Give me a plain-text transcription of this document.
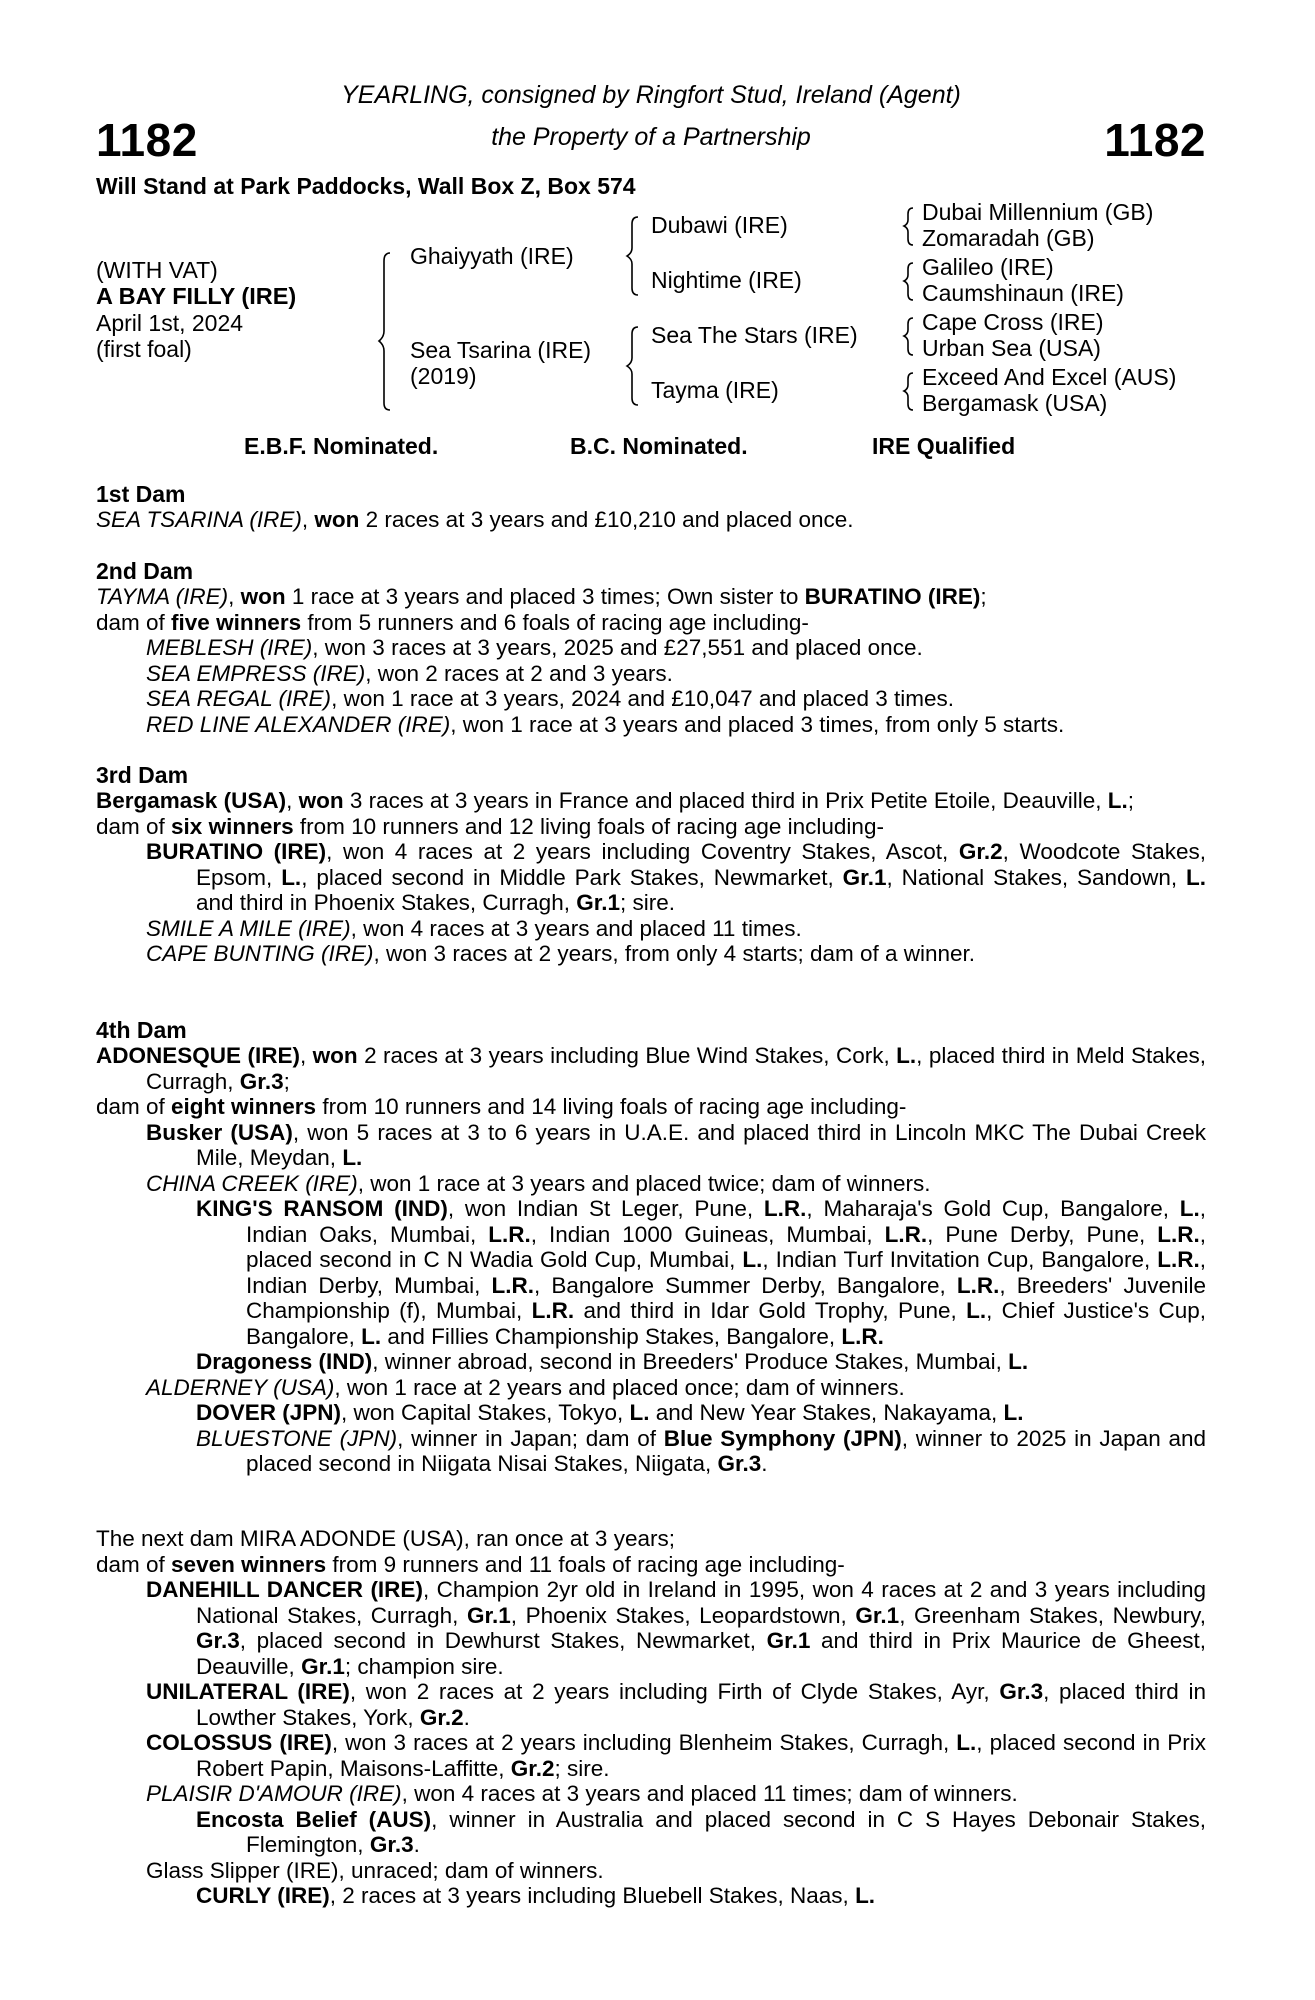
1182	1182
YEARLING, consigned by Ringfort Stud, Ireland (Agent)
the Property of a Partnership
Will Stand at Park Paddocks, Wall Box Z, Box 574
(WITH VAT)
A BAY FILLY (IRE)
April 1st, 2024
(first foal)
Ghaiyyath (IRE)
Sea Tsarina (IRE)
(2019)
Dubawi (IRE)
Nightime (IRE)
Sea The Stars (IRE)
Tayma (IRE)
Dubai Millennium (GB)
Zomaradah (GB)
Galileo (IRE)
Caumshinaun (IRE)
Cape Cross (IRE)
Urban Sea (USA)
Exceed And Excel (AUS)
Bergamask (USA)
E.B.F. Nominated.	B.C. Nominated.	IRE Qualified
1st Dam
SEA TSARINA (IRE), won 2 races at 3 years and £10,210 and placed once.
2nd Dam
TAYMA (IRE), won 1 race at 3 years and placed 3 times; Own sister to BURATINO (IRE);
dam of five winners from 5 runners and 6 foals of racing age including-
MEBLESH (IRE), won 3 races at 3 years, 2025 and £27,551 and placed once.
SEA EMPRESS (IRE), won 2 races at 2 and 3 years.
SEA REGAL (IRE), won 1 race at 3 years, 2024 and £10,047 and placed 3 times.
RED LINE ALEXANDER (IRE), won 1 race at 3 years and placed 3 times, from only 5 starts.
3rd Dam
Bergamask (USA), won 3 races at 3 years in France and placed third in Prix Petite Etoile, Deauville, L.;
dam of six winners from 10 runners and 12 living foals of racing age including-
BURATINO (IRE), won 4 races at 2 years including Coventry Stakes, Ascot, Gr.2, Woodcote Stakes, Epsom, L., placed second in Middle Park Stakes, Newmarket, Gr.1, National Stakes, Sandown, L. and third in Phoenix Stakes, Curragh, Gr.1; sire.
SMILE A MILE (IRE), won 4 races at 3 years and placed 11 times.
CAPE BUNTING (IRE), won 3 races at 2 years, from only 4 starts; dam of a winner.
4th Dam
ADONESQUE (IRE), won 2 races at 3 years including Blue Wind Stakes, Cork, L., placed third in Meld Stakes, Curragh, Gr.3;
dam of eight winners from 10 runners and 14 living foals of racing age including-
Busker (USA), won 5 races at 3 to 6 years in U.A.E. and placed third in Lincoln MKC The Dubai Creek Mile, Meydan, L.
CHINA CREEK (IRE), won 1 race at 3 years and placed twice; dam of winners.
KING'S RANSOM (IND), won Indian St Leger, Pune, L.R., Maharaja's Gold Cup, Bangalore, L., Indian Oaks, Mumbai, L.R., Indian 1000 Guineas, Mumbai, L.R., Pune Derby, Pune, L.R., placed second in C N Wadia Gold Cup, Mumbai, L., Indian Turf Invitation Cup, Bangalore, L.R., Indian Derby, Mumbai, L.R., Bangalore Summer Derby, Bangalore, L.R., Breeders' Juvenile Championship (f), Mumbai, L.R. and third in Idar Gold Trophy, Pune, L., Chief Justice's Cup, Bangalore, L. and Fillies Championship Stakes, Bangalore, L.R.
Dragoness (IND), winner abroad, second in Breeders' Produce Stakes, Mumbai, L.
ALDERNEY (USA), won 1 race at 2 years and placed once; dam of winners.
DOVER (JPN), won Capital Stakes, Tokyo, L. and New Year Stakes, Nakayama, L.
BLUESTONE (JPN), winner in Japan; dam of Blue Symphony (JPN), winner to 2025 in Japan and placed second in Niigata Nisai Stakes, Niigata, Gr.3.
The next dam MIRA ADONDE (USA), ran once at 3 years;
dam of seven winners from 9 runners and 11 foals of racing age including-
DANEHILL DANCER (IRE), Champion 2yr old in Ireland in 1995, won 4 races at 2 and 3 years including National Stakes, Curragh, Gr.1, Phoenix Stakes, Leopardstown, Gr.1, Greenham Stakes, Newbury, Gr.3, placed second in Dewhurst Stakes, Newmarket, Gr.1 and third in Prix Maurice de Gheest, Deauville, Gr.1; champion sire.
UNILATERAL (IRE), won 2 races at 2 years including Firth of Clyde Stakes, Ayr, Gr.3, placed third in Lowther Stakes, York, Gr.2.
COLOSSUS (IRE), won 3 races at 2 years including Blenheim Stakes, Curragh, L., placed second in Prix Robert Papin, Maisons-Laffitte, Gr.2; sire.
PLAISIR D'AMOUR (IRE), won 4 races at 3 years and placed 11 times; dam of winners.
Encosta Belief (AUS), winner in Australia and placed second in C S Hayes Debonair Stakes, Flemington, Gr.3.
Glass Slipper (IRE), unraced; dam of winners.
CURLY (IRE), 2 races at 3 years including Bluebell Stakes, Naas, L.
